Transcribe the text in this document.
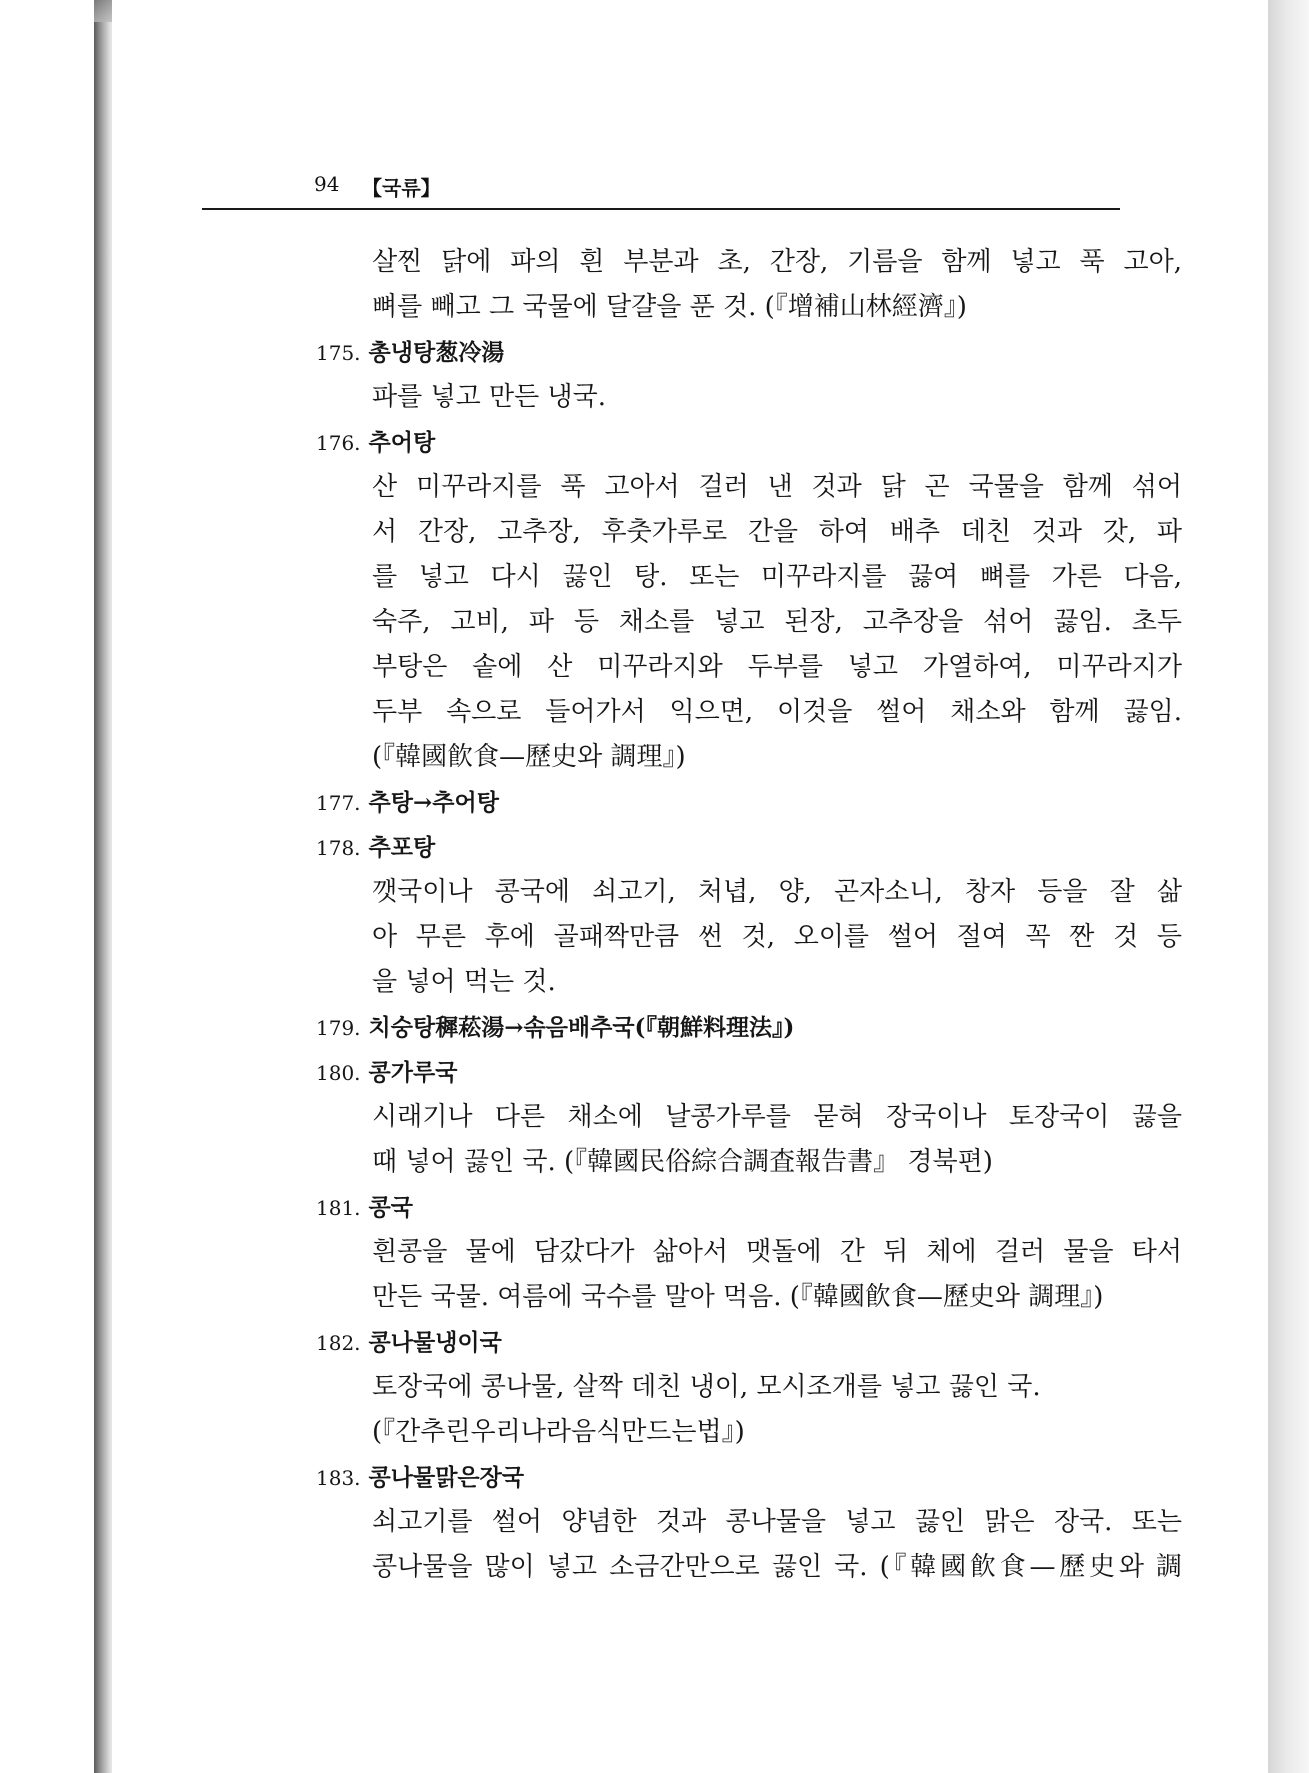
94 【국류】
살찐 닭에 파의 흰 부분과 초, 간장, 기름을 함께 넣고 푹 고아,
뼈를 빼고 그 국물에 달걀을 푼 것. (『增補山林經濟』)
175. 총냉탕葱冷湯
파를 넣고 만든 냉국.
176. 추어탕
산 미꾸라지를 푹 고아서 걸러 낸 것과 닭 곤 국물을 함께 섞어
서 간장, 고추장, 후춧가루로 간을 하여 배추 데친 것과 갓, 파
를 넣고 다시 끓인 탕. 또는 미꾸라지를 끓여 뼈를 가른 다음,
숙주, 고비, 파 등 채소를 넣고 된장, 고추장을 섞어 끓임. 초두
부탕은 솥에 산 미꾸라지와 두부를 넣고 가열하여, 미꾸라지가
두부 속으로 들어가서 익으면, 이것을 썰어 채소와 함께 끓임.
(『韓國飮食—歷史와 調理』)
177. 추탕→추어탕
178. 추포탕
깻국이나 콩국에 쇠고기, 처녑, 양, 곤자소니, 창자 등을 잘 삶
아 무른 후에 골패짝만큼 썬 것, 오이를 썰어 절여 꼭 짠 것 등
을 넣어 먹는 것.
179. 치숭탕穉菘湯→솎음배추국(『朝鮮料理法』)
180. 콩가루국
시래기나 다른 채소에 날콩가루를 묻혀 장국이나 토장국이 끓을
때 넣어 끓인 국. (『韓國民俗綜合調査報告書』 경북편)
181. 콩국
흰콩을 물에 담갔다가 삶아서 맷돌에 간 뒤 체에 걸러 물을 타서
만든 국물. 여름에 국수를 말아 먹음. (『韓國飮食—歷史와 調理』)
182. 콩나물냉이국
토장국에 콩나물, 살짝 데친 냉이, 모시조개를 넣고 끓인 국.
(『간추린우리나라음식만드는법』)
183. 콩나물맑은장국
쇠고기를 썰어 양념한 것과 콩나물을 넣고 끓인 맑은 장국. 또는
콩나물을 많이 넣고 소금간만으로 끓인 국. (『韓國飮食—歷史와 調
